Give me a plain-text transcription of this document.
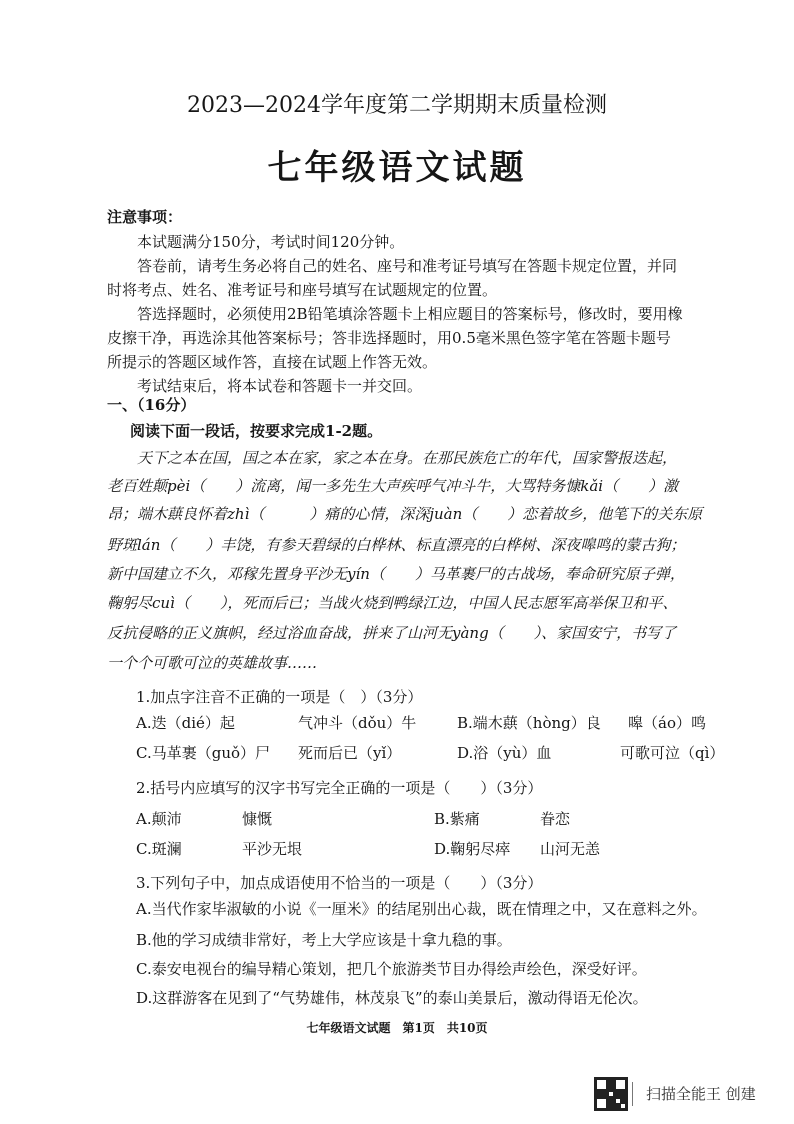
2023—2024学年度第二学期期末质量检测
七年级语文试题
注意事项：
　　本试题满分150分，考试时间120分钟。
　　答卷前，请考生务必将自己的姓名、座号和准考证号填写在答题卡规定位置，并同
时将考点、姓名、准考证号和座号填写在试题规定的位置。
　　答选择题时，必须使用2B铅笔填涂答题卡上相应题目的答案标号，修改时，要用橡
皮擦干净，再选涂其他答案标号；答非选择题时，用0.5毫米黑色签字笔在答题卡题号
所提示的答题区域作答，直接在试题上作答无效。
　　考试结束后，将本试卷和答题卡一并交回。
一、（16分）
阅读下面一段话，按要求完成1-2题。
　　天下之本在国，国之本在家，家之本在身。在那民族危亡的年代，国家警报迭起，
老百姓颠pèi（　　）流离，闻一多先生大声疾呼气冲斗牛，大骂特务慷kǎi（　　）激
昂；端木蕻良怀着zhì（　　　）痛的心情，深深juàn（　　）恋着故乡，他笔下的关东原
野斑lán（　　）丰饶，有参天碧绿的白桦林、标直漂亮的白桦树、深夜嗥鸣的蒙古狗；
新中国建立不久，邓稼先置身平沙无yín（　　）马革裹尸的古战场，奉命研究原子弹，
鞠躬尽cuì（　　），死而后已；当战火烧到鸭绿江边，中国人民志愿军高举保卫和平、
反抗侵略的正义旗帜，经过浴血奋战，拼来了山河无yàng（　　）、家国安宁，书写了
一个个可歌可泣的英雄故事……
1.加点字注音不正确的一项是（　）（3分）
A.迭（dié）起	气冲斗（dǒu）牛	B.端木蕻（hòng）良 嗥（áo）鸣
C.马革裹（guǒ）尸 死而后已（yǐ）	D.浴（yù）血	可歌可泣（qì）
2.括号内应填写的汉字书写完全正确的一项是（　　）（3分）
A.颠沛	慷慨	B.紫痛	眷恋
C.斑澜	平沙无垠	D.鞠躬尽瘁 山河无恙
3.下列句子中，加点成语使用不恰当的一项是（　　）（3分）
A.当代作家毕淑敏的小说《一厘米》的结尾别出心裁，既在情理之中，又在意料之外。
B.他的学习成绩非常好，考上大学应该是十拿九稳的事。
C.泰安电视台的编导精心策划，把几个旅游类节目办得绘声绘色，深受好评。
D.这群游客在见到了“气势雄伟，林茂泉飞”的泰山美景后，激动得语无伦次。
七年级语文试题　第1页　共10页
扫描全能王 创建
